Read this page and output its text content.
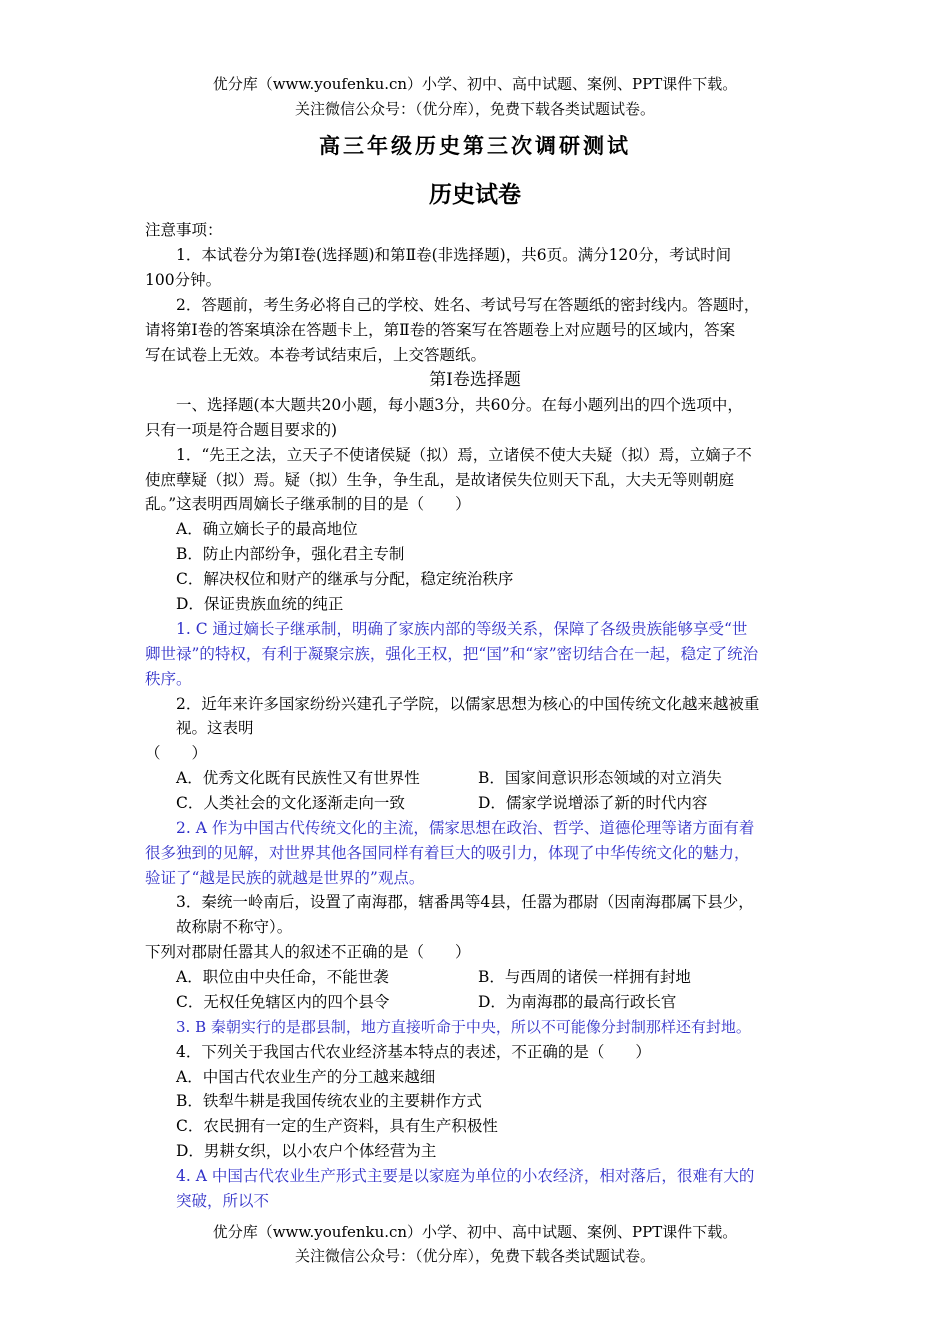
优分库（www.youfenku.cn）小学、初中、高中试题、案例、PPT课件下载。
关注微信公众号：（优分库），免费下载各类试题试卷。
高三年级历史第三次调研测试
历史试卷
注意事项：
1．本试卷分为第Ⅰ卷(选择题)和第Ⅱ卷(非选择题)，共6页。满分120分，考试时间
100分钟。
2．答题前，考生务必将自己的学校、姓名、考试号写在答题纸的密封线内。答题时，
请将第Ⅰ卷的答案填涂在答题卡上，第Ⅱ卷的答案写在答题卷上对应题号的区域内，答案
写在试卷上无效。本卷考试结束后，上交答题纸。
第Ⅰ卷选择题
一、选择题(本大题共20小题，每小题3分，共60分。在每小题列出的四个选项中，
只有一项是符合题目要求的)
1．“先王之法，立天子不使诸侯疑（拟）焉，立诸侯不使大夫疑（拟）焉，立嫡子不
使庶孽疑（拟）焉。疑（拟）生争，争生乱，是故诸侯失位则天下乱，大夫无等则朝庭
乱。”这表明西周嫡长子继承制的目的是（　　）
A．确立嫡长子的最高地位
B．防止内部纷争，强化君主专制
C．解决权位和财产的继承与分配，稳定统治秩序
D．保证贵族血统的纯正
1. C 通过嫡长子继承制，明确了家族内部的等级关系，保障了各级贵族能够享受“世
卿世禄”的特权，有利于凝聚宗族，强化王权，把“国”和“家”密切结合在一起，稳定了统治
秩序。
2．近年来许多国家纷纷兴建孔子学院，以儒家思想为核心的中国传统文化越来越被重
视。这表明
（　　）
A．优秀文化既有民族性又有世界性	B．国家间意识形态领域的对立消失
C．人类社会的文化逐渐走向一致	D．儒家学说增添了新的时代内容
2. A 作为中国古代传统文化的主流，儒家思想在政治、哲学、道德伦理等诸方面有着
很多独到的见解，对世界其他各国同样有着巨大的吸引力，体现了中华传统文化的魅力，
验证了“越是民族的就越是世界的”观点。
3．秦统一岭南后，设置了南海郡，辖番禺等4县，任嚣为郡尉（因南海郡属下县少，
故称尉不称守）。
下列对郡尉任嚣其人的叙述不正确的是（　　）
A．职位由中央任命，不能世袭	B．与西周的诸侯一样拥有封地
C．无权任免辖区内的四个县令	D．为南海郡的最高行政长官
3. B 秦朝实行的是郡县制，地方直接听命于中央，所以不可能像分封制那样还有封地。
4．下列关于我国古代农业经济基本特点的表述，不正确的是（　　）
A．中国古代农业生产的分工越来越细
B．铁犁牛耕是我国传统农业的主要耕作方式
C．农民拥有一定的生产资料，具有生产积极性
D．男耕女织，以小农户个体经营为主
4. A 中国古代农业生产形式主要是以家庭为单位的小农经济，相对落后，很难有大的
突破，所以不
优分库（www.youfenku.cn）小学、初中、高中试题、案例、PPT课件下载。
关注微信公众号：（优分库），免费下载各类试题试卷。
